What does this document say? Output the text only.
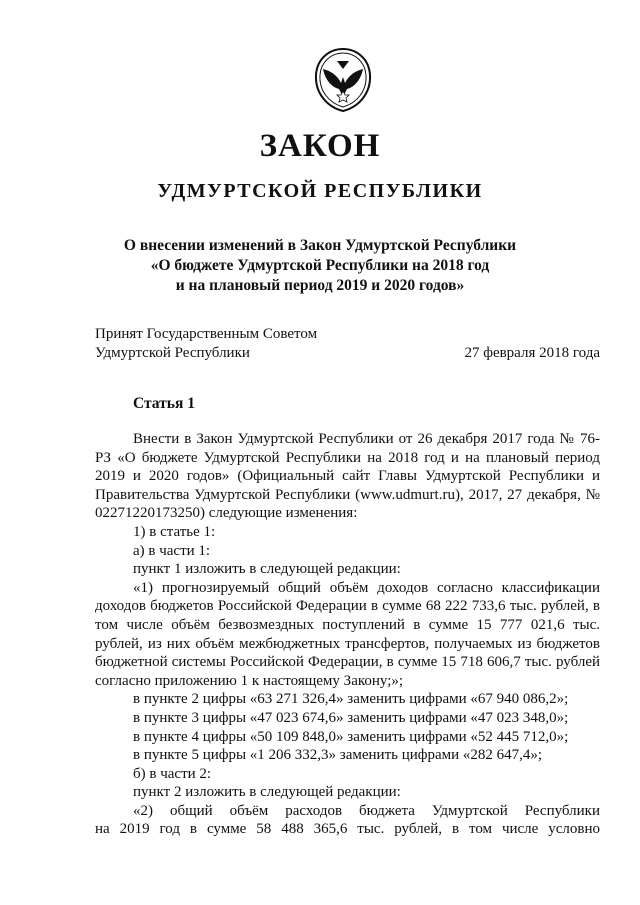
ЗАКОН
УДМУРТСКОЙ РЕСПУБЛИКИ
О внесении изменений в Закон Удмуртской Республики
«О бюджете Удмуртской Республики на 2018 год
и на плановый период 2019 и 2020 годов»
Принят Государственным Советом
Удмуртской Республики	27 февраля 2018 года
Статья 1

Внести в Закон Удмуртской Республики от 26 декабря 2017 года № 76-РЗ «О бюджете Удмуртской Республики на 2018 год и на плановый период 2019 и 2020 годов» (Официальный сайт Главы Удмуртской Республики и Правительства Удмуртской Республики (www.udmurt.ru), 2017, 27 декабря, № 02271220173250) следующие изменения:

1) в статье 1:

а) в части 1:

пункт 1 изложить в следующей редакции:

«1) прогнозируемый общий объём доходов согласно классификации доходов бюджетов Российской Федерации в сумме 68 222 733,6 тыс. рублей, в том числе объём безвозмездных поступлений в сумме 15 777 021,6 тыс. рублей, из них объём межбюджетных трансфертов, получаемых из бюджетов бюджетной системы Российской Федерации, в сумме 15 718 606,7 тыс. рублей согласно приложению 1 к настоящему Закону;»;

в пункте 2 цифры «63 271 326,4» заменить цифрами «67 940 086,2»;

в пункте 3 цифры «47 023 674,6» заменить цифрами «47 023 348,0»;

в пункте 4 цифры «50 109 848,0» заменить цифрами «52 445 712,0»;

в пункте 5 цифры «1 206 332,3» заменить цифрами «282 647,4»;

б) в части 2:

пункт 2 изложить в следующей редакции:

«2) общий объём расходов бюджета Удмуртской Республики

на 2019 год в сумме 58 488 365,6 тыс. рублей, в том числе условно
